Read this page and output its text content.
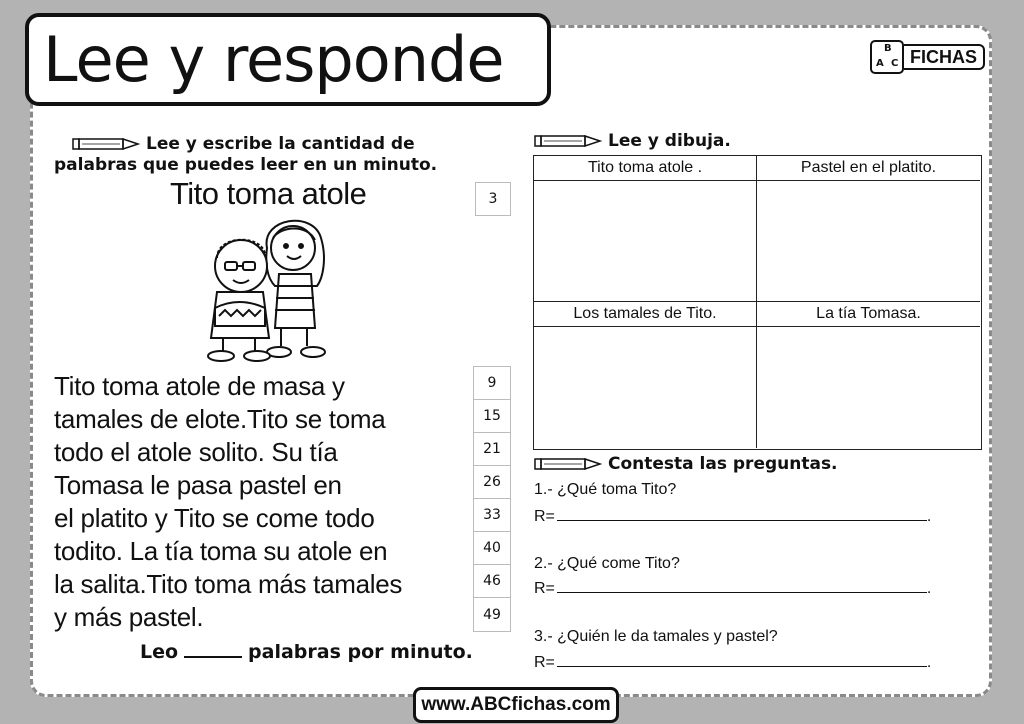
Lee y responde	B
A C FICHAS
Lee y escribe la cantidad de
palabras que puedes leer en un minuto.
Tito toma atole	3
Tito toma atole de masa y
tamales de elote.Tito se toma
todo el atole solito. Su tía
Tomasa le pasa pastel en
el platito y Tito se come todo
todito. La tía toma su atole en
la salita.Tito toma más tamales
y más pastel.
9
15
21
26
33
40
46
49
Leo	palabras por minuto.
Lee y dibuja.
Tito toma atole .	Pastel en el platito.
Los tamales de Tito.	La tía Tomasa.
Contesta las preguntas.
1.- ¿Qué toma Tito?
R=	.
2.- ¿Qué come Tito?
R=	.
3.- ¿Quién le da tamales y pastel?
R=	.
www.ABCfichas.com
